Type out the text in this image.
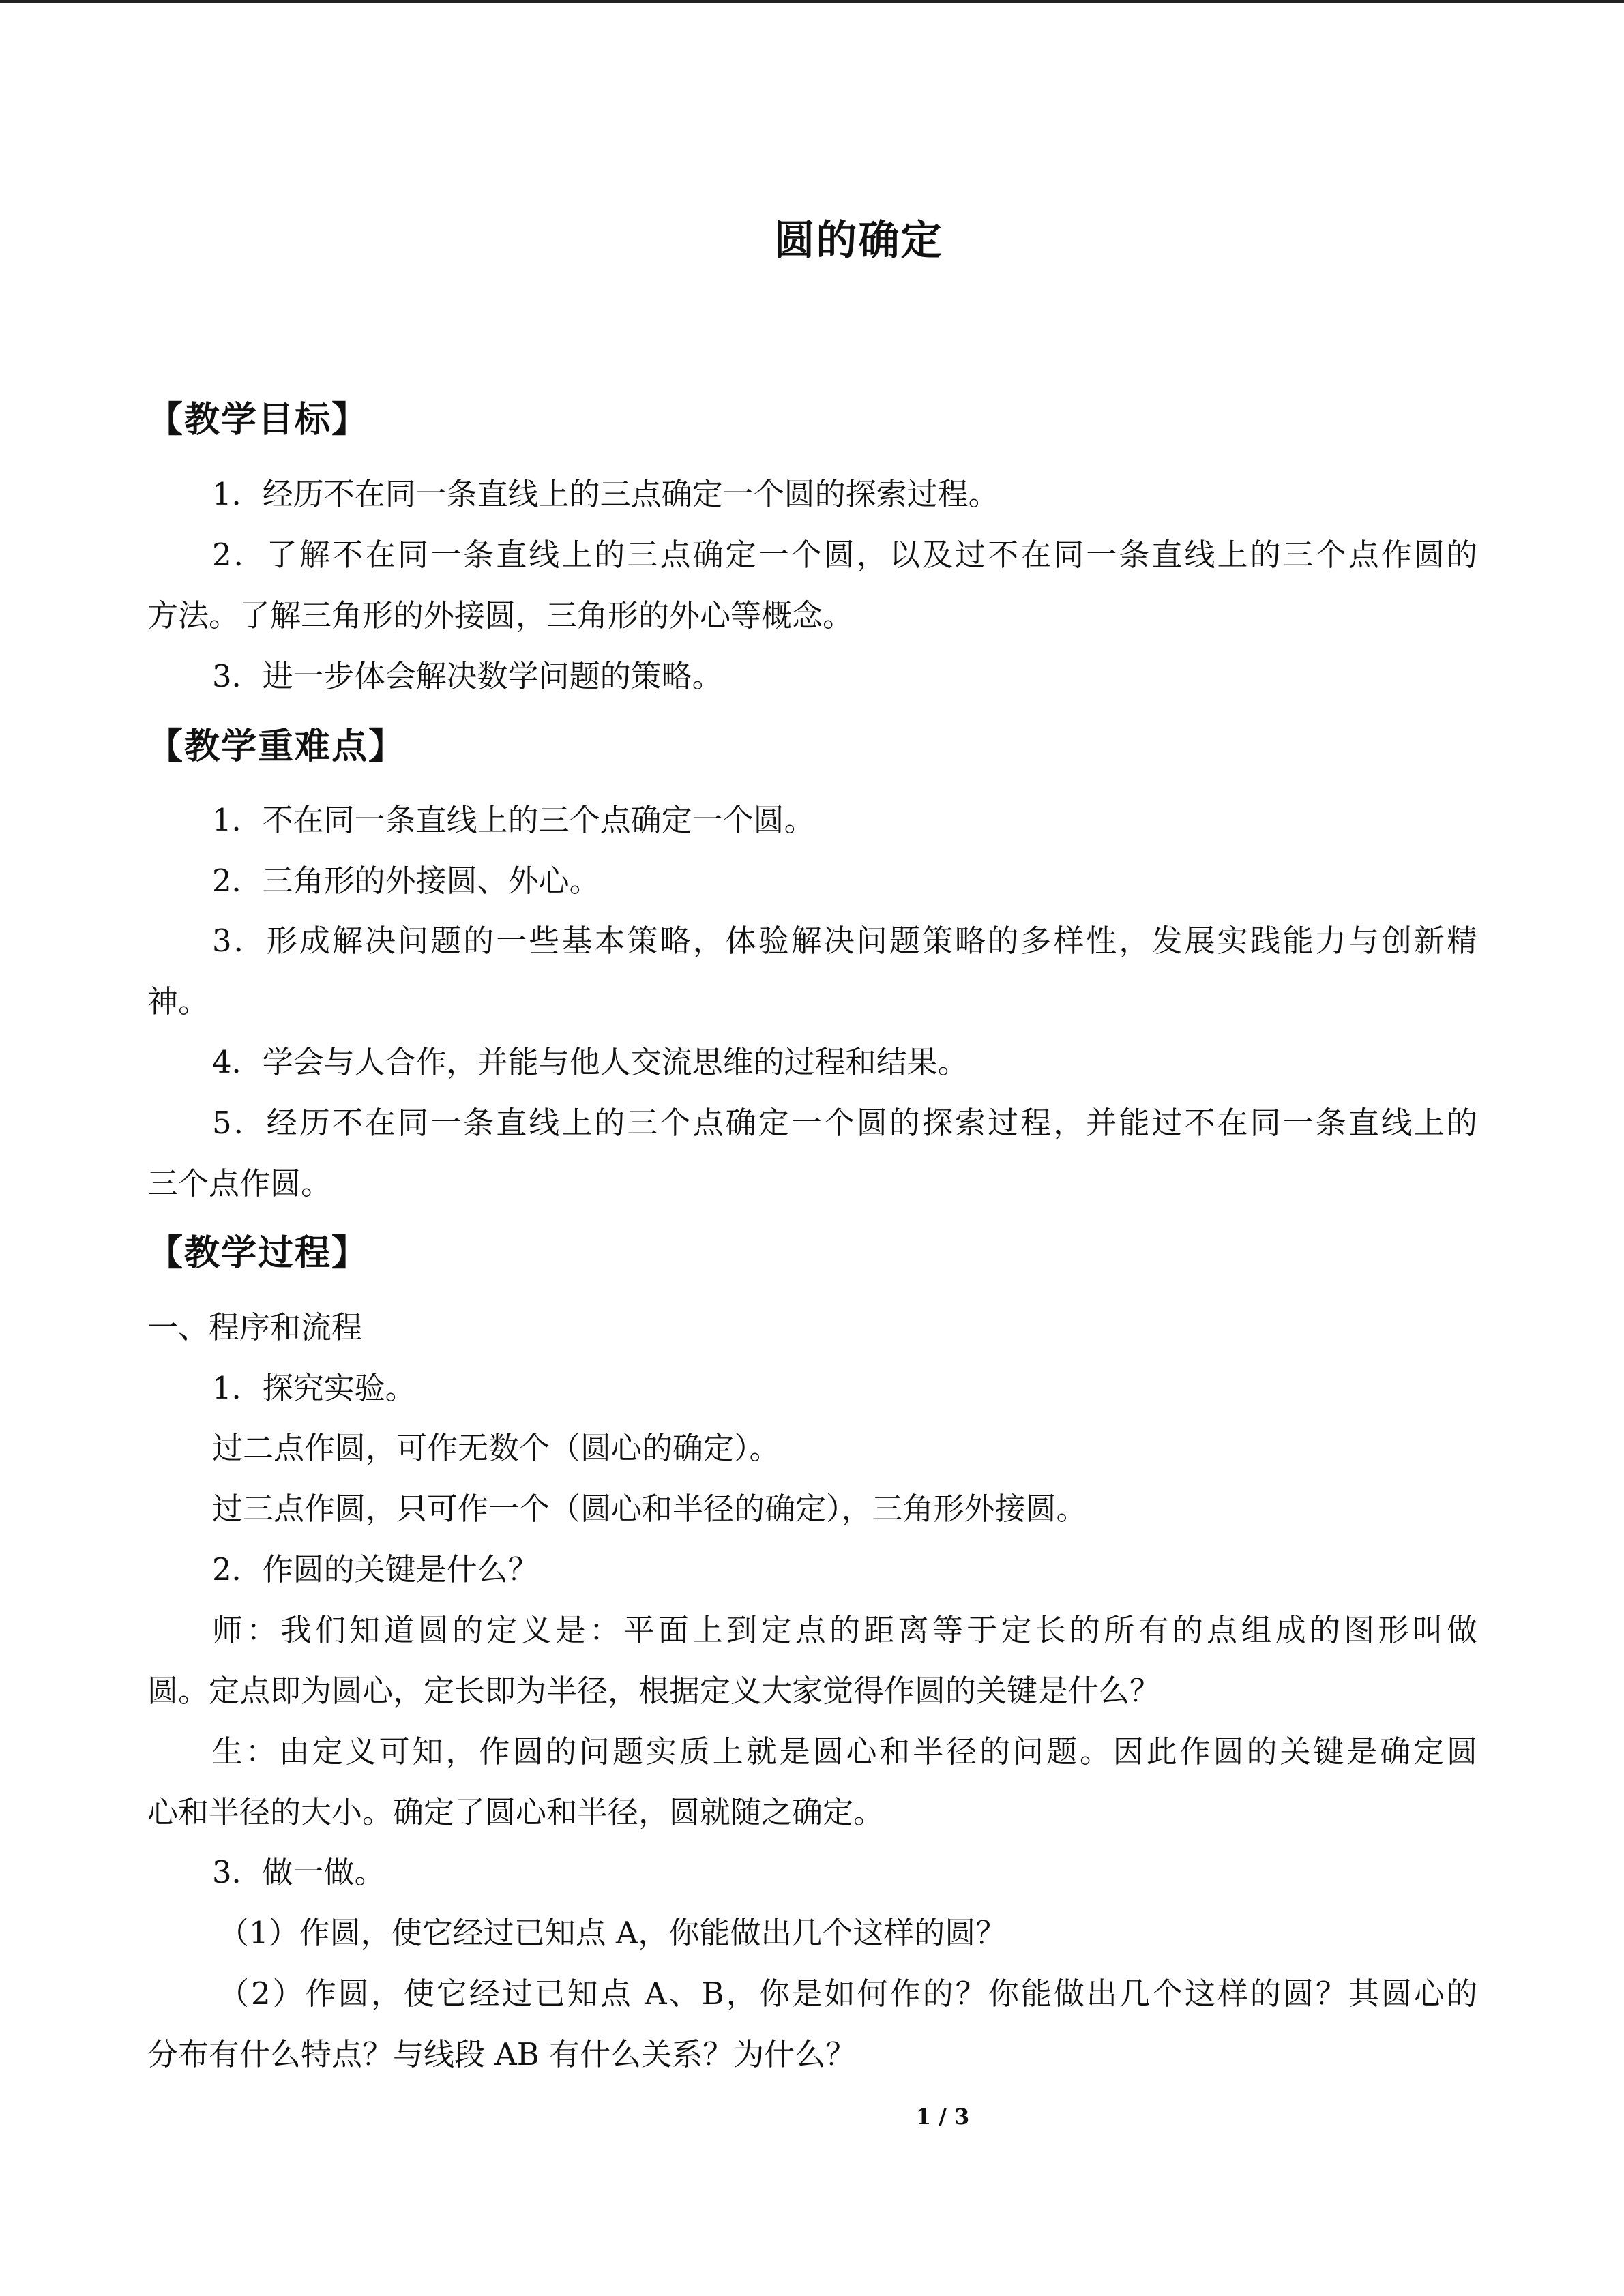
圆的确定
【教学目标】
1．经历不在同一条直线上的三点确定一个圆的探索过程。
2．了解不在同一条直线上的三点确定一个圆，以及过不在同一条直线上的三个点作圆的
方法。了解三角形的外接圆，三角形的外心等概念。
3．进一步体会解决数学问题的策略。
【教学重难点】
1．不在同一条直线上的三个点确定一个圆。
2．三角形的外接圆、外心。
3．形成解决问题的一些基本策略，体验解决问题策略的多样性，发展实践能力与创新精
神。
4．学会与人合作，并能与他人交流思维的过程和结果。
5．经历不在同一条直线上的三个点确定一个圆的探索过程，并能过不在同一条直线上的
三个点作圆。
【教学过程】
一、程序和流程
1．探究实验。
过二点作圆，可作无数个（圆心的确定）。
过三点作圆，只可作一个（圆心和半径的确定），三角形外接圆。
2．作圆的关键是什么？
师：我们知道圆的定义是：平面上到定点的距离等于定长的所有的点组成的图形叫做
圆。定点即为圆心，定长即为半径，根据定义大家觉得作圆的关键是什么？
生：由定义可知，作圆的问题实质上就是圆心和半径的问题。因此作圆的关键是确定圆
心和半径的大小。确定了圆心和半径，圆就随之确定。
3．做一做。
（1）作圆，使它经过已知点 A，你能做出几个这样的圆？
（2）作圆，使它经过已知点 A、B，你是如何作的？你能做出几个这样的圆？其圆心的
分布有什么特点？与线段 AB 有什么关系？为什么？
1 / 3
